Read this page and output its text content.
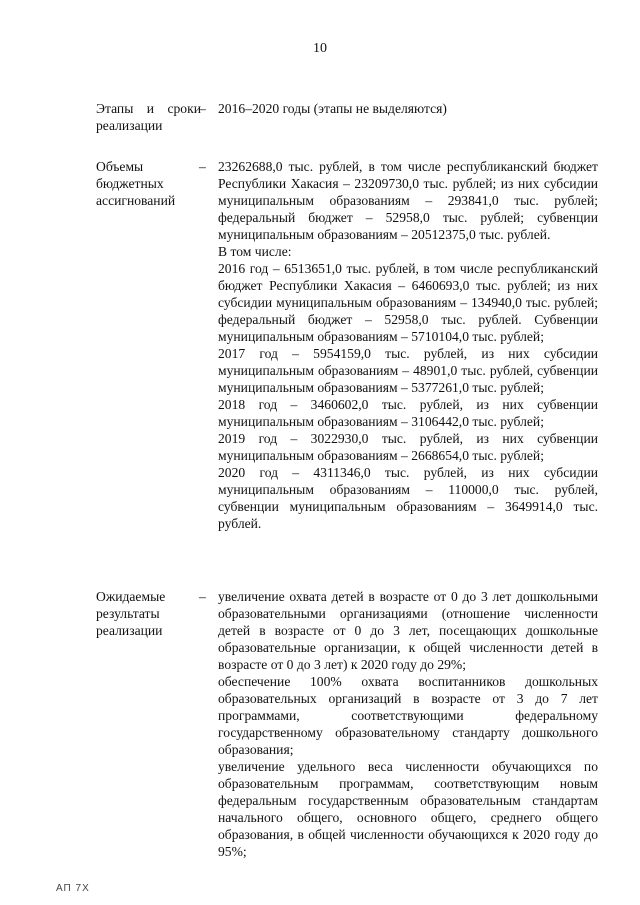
10
Этапы и сроки
реализации
– 2016–2020 годы (этапы не выделяются)
Объемы
бюджетных
ассигнований
– 23262688,0 тыс. рублей, в том числе республиканский бюджет Республики Хакасия – 23209730,0 тыс. рублей; из них субсидии муниципальным образованиям – 293841,0 тыс. рублей; федеральный бюджет – 52958,0 тыс. рублей; субвенции муниципальным образованиям – 20512375,0 тыс. рублей.

В том числе:

2016 год – 6513651,0 тыс. рублей, в том числе республиканский бюджет Республики Хакасия – 6460693,0 тыс. рублей; из них субсидии муниципальным образованиям – 134940,0 тыс. рублей; федеральный бюджет – 52958,0 тыс. рублей. Субвенции муниципальным образованиям – 5710104,0 тыс. рублей;

2017 год – 5954159,0 тыс. рублей, из них субсидии муниципальным образованиям – 48901,0 тыс. рублей, субвенции муниципальным образованиям – 5377261,0 тыс. рублей;

2018 год – 3460602,0 тыс. рублей, из них субвенции муниципальным образованиям – 3106442,0 тыс. рублей;

2019 год – 3022930,0 тыс. рублей, из них субвенции муниципальным образованиям – 2668654,0 тыс. рублей;

2020 год – 4311346,0 тыс. рублей, из них субсидии муниципальным образованиям – 110000,0 тыс. рублей, субвенции муниципальным образованиям – 3649914,0 тыс. рублей.

Ожидаемые
результаты
реализации
– увеличение охвата детей в возрасте от 0 до 3 лет дошкольными образовательными организациями (отношение численности детей в возрасте от 0 до 3 лет, посещающих дошкольные образовательные организации, к общей численности детей в возрасте от 0 до 3 лет) к 2020 году до 29%;

обеспечение 100% охвата воспитанников дошкольных образовательных организаций в возрасте от 3 до 7 лет программами, соответствующими федеральному государственному образовательному стандарту дошкольного образования;

увеличение удельного веса численности обучающихся по образовательным программам, соответствующим новым федеральным государственным образовательным стандартам начального общего, основного общего, среднего общего образования, в общей численности обучающихся к 2020 году до 95%;

АП 7Х
